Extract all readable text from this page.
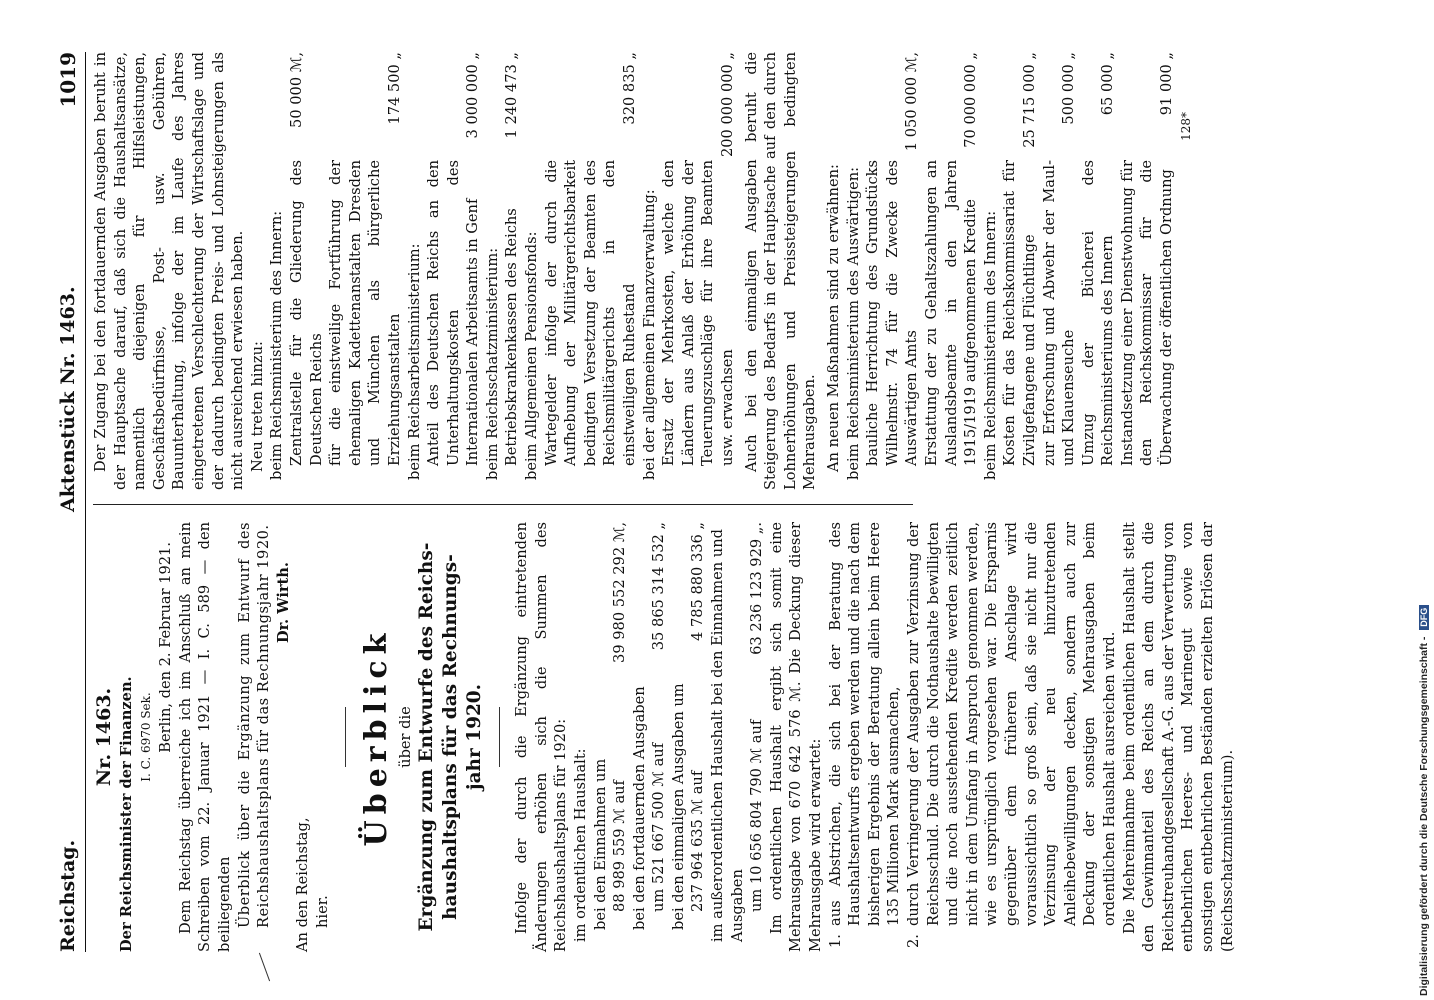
Reichstag.
Aktenstück Nr. 1463.
1019

Nr. 1463. Der Reichsminister der Finanzen. I. C. 6970 Sek. Berlin, den 2. Februar 1921. Dem Reichstag überreiche ich im Anschluß an mein Schreiben vom 22. Januar 1921 — I. C. 589 — den beiliegenden Überblick über die Ergänzung zum Entwurf des Reichshaushaltsplans für das Rechnungsjahr 1920. Dr. Wirth.

An den Reichstag, hier.

Überblick über die Ergänzung zum Entwurfe des Reichs- haushaltsplans für das Rechnungs- jahr 1920. Infolge der durch die Ergänzung eintretenden Änderungen erhöhen sich die Summen des Reichshaushaltsplans für 1920: im ordentlichen Haushalt: bei den Einnahmen um 88 989 559 ℳ auf
39 980 552 292 ℳ,

bei den fortdauernden Ausgaben um 521 667 500 ℳ auf
35 865 314 532 „

bei den einmaligen Ausgaben um 237 964 635 ℳ auf
4 785 880 336 „ im außerordentlichen Haushalt bei den Einnahmen und Ausgaben um 10 656 804 790 ℳ auf
63 236 123 929 „. Im ordentlichen Haushalt ergibt sich somit eine Mehrausgabe von 670 642 576 ℳ. Die Deckung dieser Mehrausgabe wird erwartet: 1.
aus Abstrichen, die sich bei der Beratung des Haushaltsentwurfs ergeben werden und die nach dem bisherigen Ergebnis der Beratung allein beim Heere 135 Millionen Mark ausmachen,
2.
durch Verringerung der Ausgaben zur Verzinsung der Reichsschuld. Die durch die Nothaushalte bewilligten und die noch ausstehenden Kredite werden zeitlich nicht in dem Umfang in Anspruch genommen werden, wie es ursprünglich vorgesehen war. Die Ersparnis gegenüber dem früheren Anschlage wird voraussichtlich so groß sein, daß sie nicht nur die Verzinsung der neu hinzutretenden Anleihebewilligungen decken, sondern auch zur Deckung der sonstigen Mehrausgaben beim ordentlichen Haushalt ausreichen wird. Die Mehreinnahme beim ordentlichen Haushalt stellt den Gewinnanteil des Reichs an dem durch die Reichstreuhandgesellschaft A.-G. aus der Verwertung von entbehrlichen Heeres- und Marinegut sowie von sonstigen entbehrlichen Beständen erzielten Erlösen dar (Reichsschatzministerium).

Der Zugang bei den fortdauernden Ausgaben beruht in der Hauptsache darauf, daß sich die Haushaltsansätze, namentlich diejenigen für Hilfsleistungen, Geschäftsbedürfnisse, Post- usw. Gebühren, Bauunterhaltung, infolge der im Laufe des Jahres eingetretenen Verschlechterung der Wirtschaftslage und der dadurch bedingten Preis- und Lohnsteigerungen als nicht ausreichend erwiesen haben. Neu treten hinzu: beim Reichsministerium des Innern: Zentralstelle für die Gliederung des Deutschen Reichs
50 000 ℳ,
für die einstweilige Fortführung der ehemaligen Kadettenanstalten Dresden und München als bürgerliche Erziehungsanstalten
174 500 „

beim Reichsarbeitsministerium: Anteil des Deutschen Reichs an den Unterhaltungskosten des Internationalen Arbeitsamts in Genf
3 000 000 „

beim Reichsschatzministerium: Betriebskrankenkassen des Reichs
1 240 473 „

beim Allgemeinen Pensionsfonds: Wartegelder infolge der durch die Aufhebung der Militärgerichtsbarkeit bedingten Versetzung der Beamten des Reichsmilitärgerichts in den einstweiligen Ruhestand
320 835 „

bei der allgemeinen Finanzverwaltung: Ersatz der Mehrkosten, welche den Ländern aus Anlaß der Erhöhung der Teuerungszuschläge für ihre Beamten usw. erwachsen
200 000 000 „ Auch bei den einmaligen Ausgaben beruht die Steigerung des Bedarfs in der Hauptsache auf den durch Lohnerhöhungen und Preissteigerungen bedingten Mehrausgaben. An neuen Maßnahmen sind zu erwähnen: beim Reichsministerium des Auswärtigen: bauliche Herrichtung des Grundstücks Wilhelmstr. 74 für die Zwecke des Auswärtigen Amts
1 050 000 ℳ,
Erstattung der zu Gehaltszahlungen an Auslandsbeamte in den Jahren 1915/1919 aufgenommenen Kredite
70 000 000 „

beim Reichsministerium des Innern: Kosten für das Reichskommissariat für Zivilgefangene und Flüchtlinge
25 715 000 „
zur Erforschung und Abwehr der Maul- und Klauenseuche
500 000 „
Umzug der Bücherei des Reichsministeriums des Innern
65 000 „
Instandsetzung einer Dienstwohnung für den Reichskommissar für die Überwachung der öffentlichen Ordnung
91 000 „

128*

Digitalisierung gefördert durch die Deutsche Forschungsgemeinschaft - DFG
